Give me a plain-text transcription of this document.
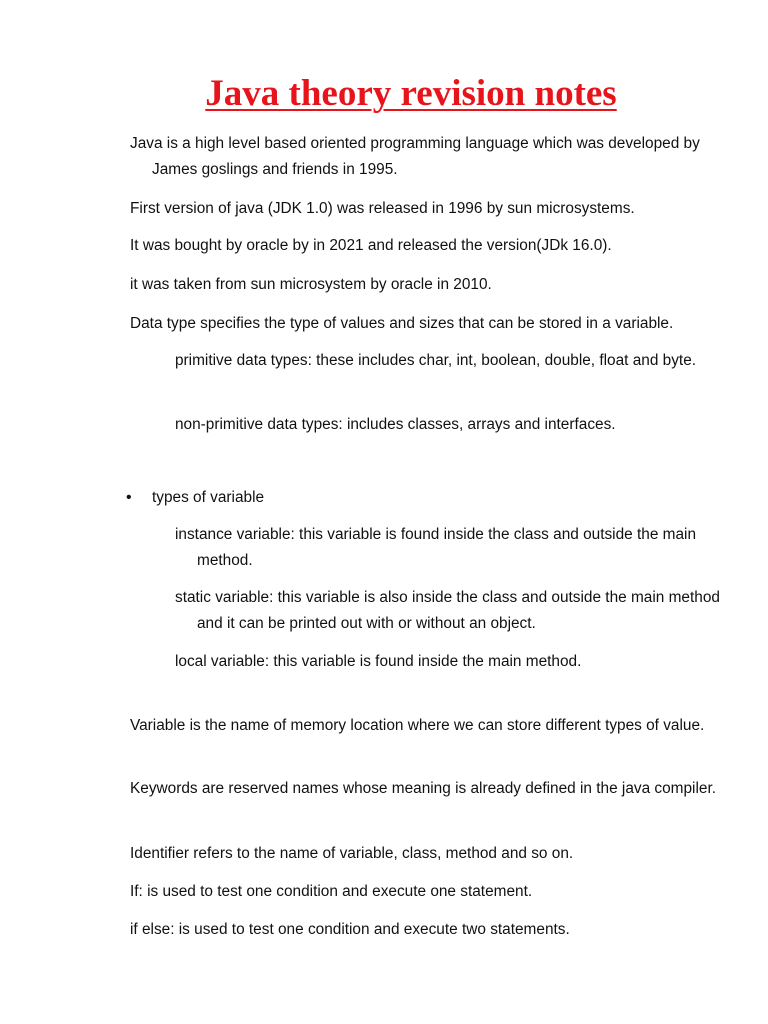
Java theory revision notes

Java is a high level based oriented programming language which was developed by James goslings and friends in 1995.

First version of java (JDK 1.0) was released in 1996 by sun microsystems.

It was bought by oracle by in 2021 and released the version(JDk 16.0).

it was taken from sun microsystem by oracle in 2010.

Data type specifies the type of values and sizes that can be stored in a variable.

primitive data types: these includes char, int, boolean, double, float and byte.

non-primitive data types: includes classes, arrays and interfaces.

•	types of variable

instance variable: this variable is found inside the class and outside the main method.

static variable: this variable is also inside the class and outside the main method and it can be printed out with or without an object.

local variable: this variable is found inside the main method.

Variable is the name of memory location where we can store different types of value.

Keywords are reserved names whose meaning is already defined in the java compiler.

Identifier refers to the name of variable, class, method and so on.

If: is used to test one condition and execute one statement.

if else: is used to test one condition and execute two statements.
